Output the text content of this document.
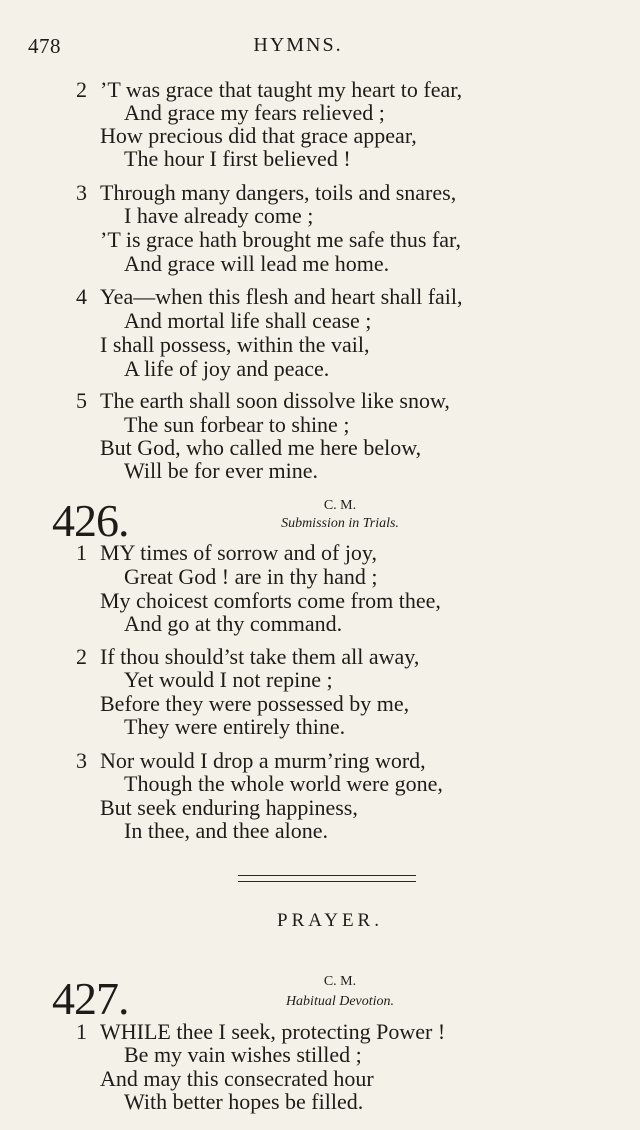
478	HYMNS.
2 ’T was grace that taught my heart to fear,
And grace my fears relieved ;
How precious did that grace appear,
The hour I first believed !
3 Through many dangers, toils and snares,
I have already come ;
’T is grace hath brought me safe thus far,
And grace will lead me home.
4 Yea—when this flesh and heart shall fail,
And mortal life shall cease ;
I shall possess, within the vail,
A life of joy and peace.
5 The earth shall soon dissolve like snow,
The sun forbear to shine ;
But God, who called me here below,
Will be for ever mine.
426.	C. M.
Submission in Trials.
1 MY times of sorrow and of joy,
Great God ! are in thy hand ;
My choicest comforts come from thee,
And go at thy command.
2 If thou should’st take them all away,
Yet would I not repine ;
Before they were possessed by me,
They were entirely thine.
3 Nor would I drop a murm’ring word,
Though the whole world were gone,
But seek enduring happiness,
In thee, and thee alone.
PRAYER.
427.	C. M.
Habitual Devotion.
1 WHILE thee I seek, protecting Power !
Be my vain wishes stilled ;
And may this consecrated hour
With better hopes be filled.
